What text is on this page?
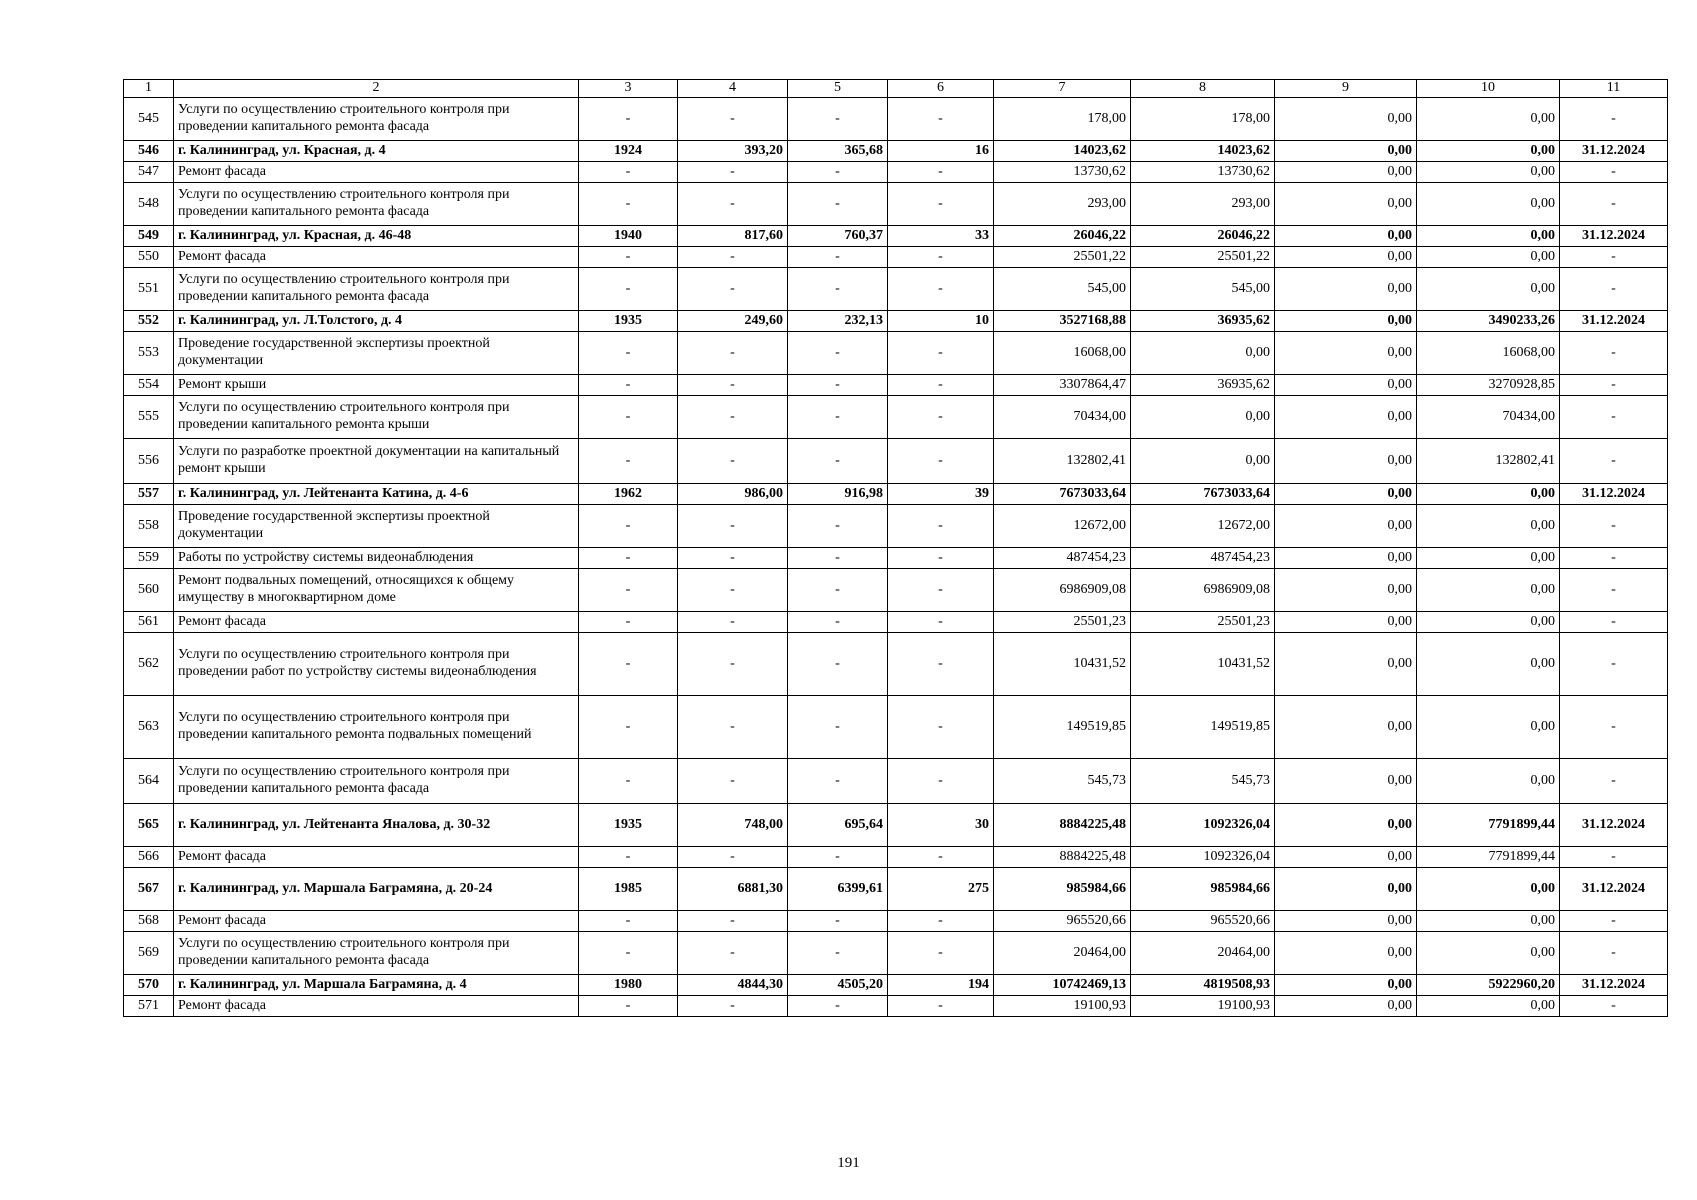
1	2	3	4	5	6	7	8	9	10	11
545	Услуги по осуществлению строительного контроля при проведении капитального ремонта фасада	-	-	-	-	178,00	178,00	0,00	0,00	-
546	г. Калининград, ул. Красная, д. 4	1924	393,20	365,68	16	14023,62	14023,62	0,00	0,00	31.12.2024
547	Ремонт фасада	-	-	-	-	13730,62	13730,62	0,00	0,00	-
548	Услуги по осуществлению строительного контроля при проведении капитального ремонта фасада	-	-	-	-	293,00	293,00	0,00	0,00	-
549	г. Калининград, ул. Красная, д. 46-48	1940	817,60	760,37	33	26046,22	26046,22	0,00	0,00	31.12.2024
550	Ремонт фасада	-	-	-	-	25501,22	25501,22	0,00	0,00	-
551	Услуги по осуществлению строительного контроля при проведении капитального ремонта фасада	-	-	-	-	545,00	545,00	0,00	0,00	-
552	г. Калининград, ул. Л.Толстого, д. 4	1935	249,60	232,13	10	3527168,88	36935,62	0,00	3490233,26	31.12.2024
553	Проведение государственной экспертизы проектной документации	-	-	-	-	16068,00	0,00	0,00	16068,00	-
554	Ремонт крыши	-	-	-	-	3307864,47	36935,62	0,00	3270928,85	-
555	Услуги по осуществлению строительного контроля при проведении капитального ремонта крыши	-	-	-	-	70434,00	0,00	0,00	70434,00	-
556	Услуги по разработке проектной документации на капитальный ремонт крыши	-	-	-	-	132802,41	0,00	0,00	132802,41	-
557	г. Калининград, ул. Лейтенанта Катина, д. 4-6	1962	986,00	916,98	39	7673033,64	7673033,64	0,00	0,00	31.12.2024
558	Проведение государственной экспертизы проектной документации	-	-	-	-	12672,00	12672,00	0,00	0,00	-
559	Работы по устройству системы видеонаблюдения	-	-	-	-	487454,23	487454,23	0,00	0,00	-
560	Ремонт подвальных помещений, относящихся к общему имуществу в многоквартирном доме	-	-	-	-	6986909,08	6986909,08	0,00	0,00	-
561	Ремонт фасада	-	-	-	-	25501,23	25501,23	0,00	0,00	-
562	Услуги по осуществлению строительного контроля при проведении работ по устройству системы видеонаблюдения	-	-	-	-	10431,52	10431,52	0,00	0,00	-
563	Услуги по осуществлению строительного контроля при проведении капитального ремонта подвальных помещений	-	-	-	-	149519,85	149519,85	0,00	0,00	-
564	Услуги по осуществлению строительного контроля при проведении капитального ремонта фасада	-	-	-	-	545,73	545,73	0,00	0,00	-
565	г. Калининград, ул. Лейтенанта Яналова, д. 30-32	1935	748,00	695,64	30	8884225,48	1092326,04	0,00	7791899,44	31.12.2024
566	Ремонт фасада	-	-	-	-	8884225,48	1092326,04	0,00	7791899,44	-
567	г. Калининград, ул. Маршала Баграмяна, д. 20-24	1985	6881,30	6399,61	275	985984,66	985984,66	0,00	0,00	31.12.2024
568	Ремонт фасада	-	-	-	-	965520,66	965520,66	0,00	0,00	-
569	Услуги по осуществлению строительного контроля при проведении капитального ремонта фасада	-	-	-	-	20464,00	20464,00	0,00	0,00	-
570	г. Калининград, ул. Маршала Баграмяна, д. 4	1980	4844,30	4505,20	194	10742469,13	4819508,93	0,00	5922960,20	31.12.2024
571	Ремонт фасада	-	-	-	-	19100,93	19100,93	0,00	0,00	-
191
